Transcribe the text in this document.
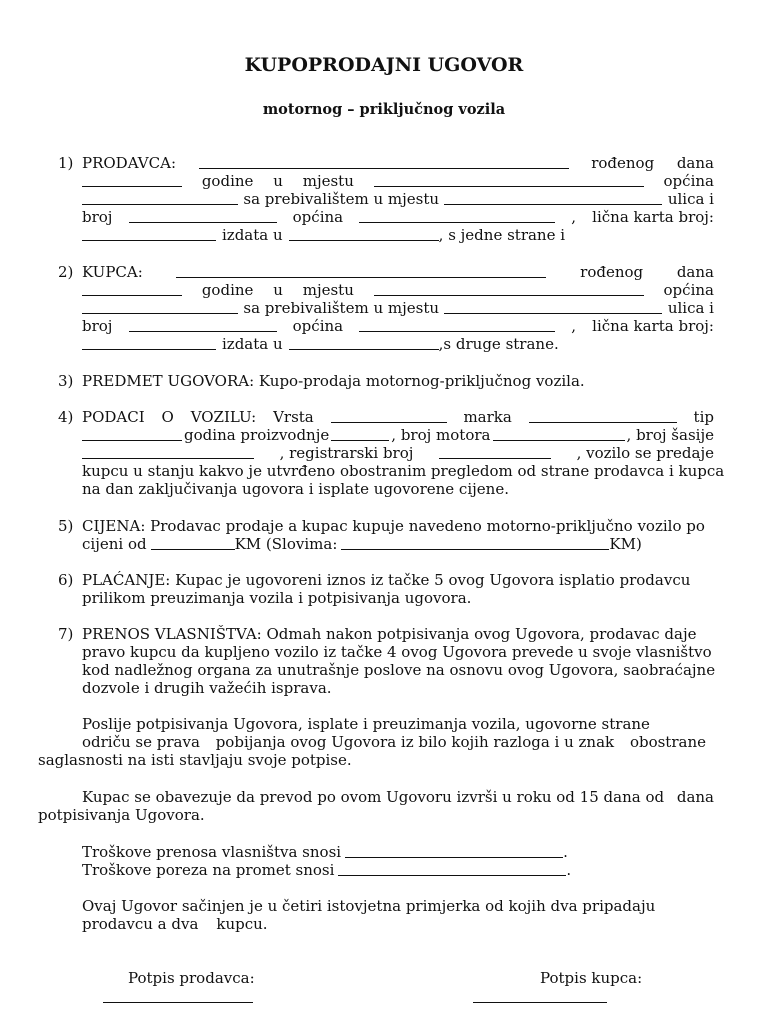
KUPOPRODAJNI UGOVOR
motornog – priključnog vozila
1) PRODAVCA:	rođenog dana
godine u mjestu	općina
sa prebivalištem u mjestu	ulica i
broj	općina	, lična karta broj:
izdata u	, s jedne strane i
2) KUPCA:	rođenog dana
godine u mjestu	općina
sa prebivalištem u mjestu	ulica i
broj	općina	, lična karta broj:
izdata u	,s druge strane.
3) PREDMET UGOVORA: Kupo-prodaja motornog-priključnog vozila.
4) PODACI O VOZILU: Vrsta	marka	tip
godina proizvodnje	, broj motora	, broj šasije
, registrarski broj	, vozilo se predaje
kupcu u stanju kakvo je utvrđeno obostranim pregledom od strane prodavca i kupca
na dan zaključivanja ugovora i isplate ugovorene cijene.
5) CIJENA: Prodavac prodaje a kupac kupuje navedeno motorno-priključno vozilo po
cijeni od	KM (Slovima:	KM)
6) PLAĆANJE: Kupac je ugovoreni iznos iz tačke 5 ovog Ugovora isplatio prodavcu
prilikom preuzimanja vozila i potpisivanja ugovora.
7) PRENOS VLASNIŠTVA: Odmah nakon potpisivanja ovog Ugovora, prodavac daje
pravo kupcu da kupljeno vozilo iz tačke 4 ovog Ugovora prevede u svoje vlasništvo
kod nadležnog organa za unutrašnje poslove na osnovu ovog Ugovora, saobraćajne
dozvole i drugih važećih isprava.
Poslije potpisivanja Ugovora, isplate i preuzimanja vozila, ugovorne strane
odriču se prava pobijanja ovog Ugovora iz bilo kojih razloga i u znak obostrane
saglasnosti na isti stavljaju svoje potpise.
Kupac se obavezuje da prevod po ovom Ugovoru izvrši u roku od 15 dana od dana
potpisivanja Ugovora.
Troškove prenosa vlasništva snosi	.
Troškove poreza na promet snosi	.
Ovaj Ugovor sačinjen je u četiri istovjetna primjerka od kojih dva pripadaju
prodavcu a dva kupcu.
Potpis prodavca:	Potpis kupca:
